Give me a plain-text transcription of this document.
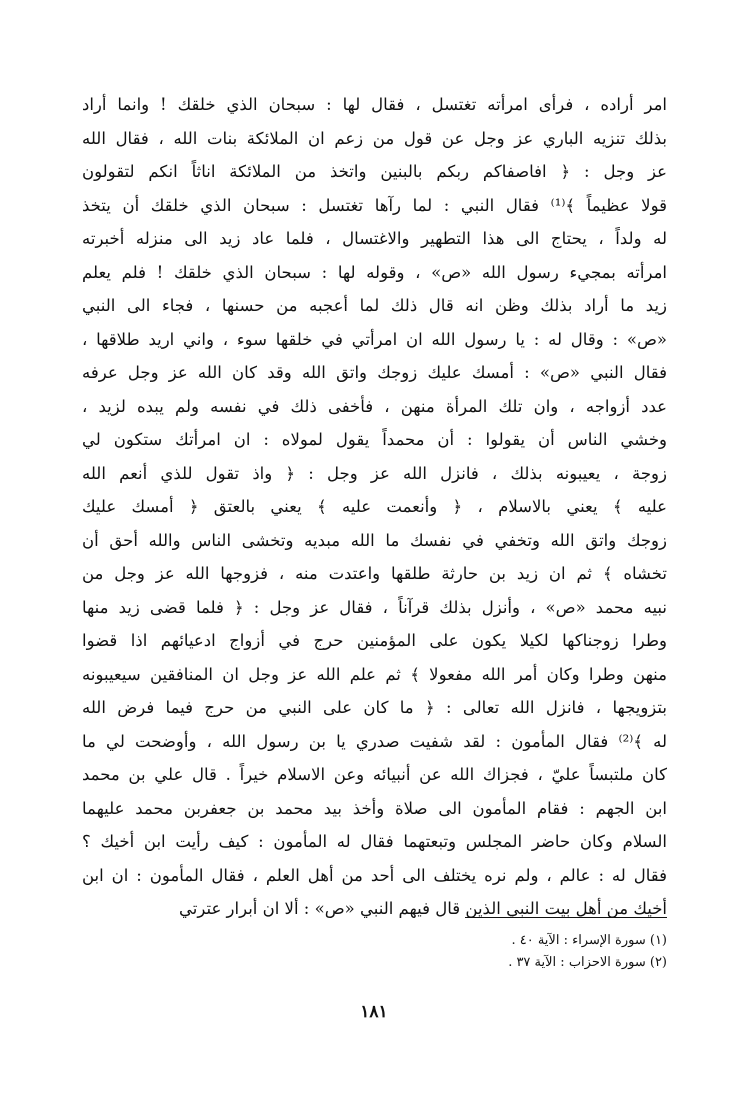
امر أراده ، فرأى امرأته تغتسل ، فقال لها : سبحان الذي خلقك ! وانما أراد
بذلك تنزيه الباري عز وجل عن قول من زعم ان الملائكة بنات الله ، فقال الله
عز وجل : ﴿ افاصفاكم ربكم بالبنين واتخذ من الملائكة اناثاً انكم لتقولون
قولا عظيماً ﴾⁽¹⁾ فقال النبي : لما رآها تغتسل : سبحان الذي خلقك أن يتخذ
له ولداً ، يحتاج الى هذا التطهير والاغتسال ، فلما عاد زيد الى منزله أخبرته
امرأته بمجيء رسول الله «ص» ، وقوله لها : سبحان الذي خلقك ! فلم يعلم
زيد ما أراد بذلك وظن انه قال ذلك لما أعجبه من حسنها ، فجاء الى النبي
«ص» : وقال له : يا رسول الله ان امرأتي في خلقها سوء ، واني اريد طلاقها ،
فقال النبي «ص» : أمسك عليك زوجك واتق الله وقد كان الله عز وجل عرفه
عدد أزواجه ، وان تلك المرأة منهن ، فأخفى ذلك في نفسه ولم يبده لزيد ،
وخشي الناس أن يقولوا : أن محمداً يقول لمولاه : ان امرأتك ستكون لي
زوجة ، يعيبونه بذلك ، فانزل الله عز وجل : ﴿ واذ تقول للذي أنعم الله
عليه ﴾ يعني بالاسلام ، ﴿ وأنعمت عليه ﴾ يعني بالعتق ﴿ أمسك عليك
زوجك واتق الله وتخفي في نفسك ما الله مبديه وتخشى الناس والله أحق أن
تخشاه ﴾ ثم ان زيد بن حارثة طلقها واعتدت منه ، فزوجها الله عز وجل من
نبيه محمد «ص» ، وأنزل بذلك قرآناً ، فقال عز وجل : ﴿ فلما قضى زيد منها
وطرا زوجناكها لكيلا يكون على المؤمنين حرج في أزواج ادعيائهم اذا قضوا
منهن وطرا وكان أمر الله مفعولا ﴾ ثم علم الله عز وجل ان المنافقين سيعيبونه
بتزويجها ، فانزل الله تعالى : ﴿ ما كان على النبي من حرج فيما فرض الله
له ﴾⁽²⁾ فقال المأمون : لقد شفيت صدري يا بن رسول الله ، وأوضحت لي ما
كان ملتبساً عليّ ، فجزاك الله عن أنبيائه وعن الاسلام خيراً . قال علي بن محمد
ابن الجهم : فقام المأمون الى صلاة وأخذ بيد محمد بن جعفربن محمد عليهما
السلام وكان حاضر المجلس وتبعتهما فقال له المأمون : كيف رأيت ابن أخيك ؟
فقال له : عالم ، ولم نره يختلف الى أحد من أهل العلم ، فقال المأمون : ان ابن
أخيك من أهل بيت النبي الذين قال فيهم النبي «ص» : ألا ان أبرار عترتي
(١) سورة الإسراء : الآية ٤٠ .
(٢) سورة الاحزاب : الآية ٣٧ .
١٨١
